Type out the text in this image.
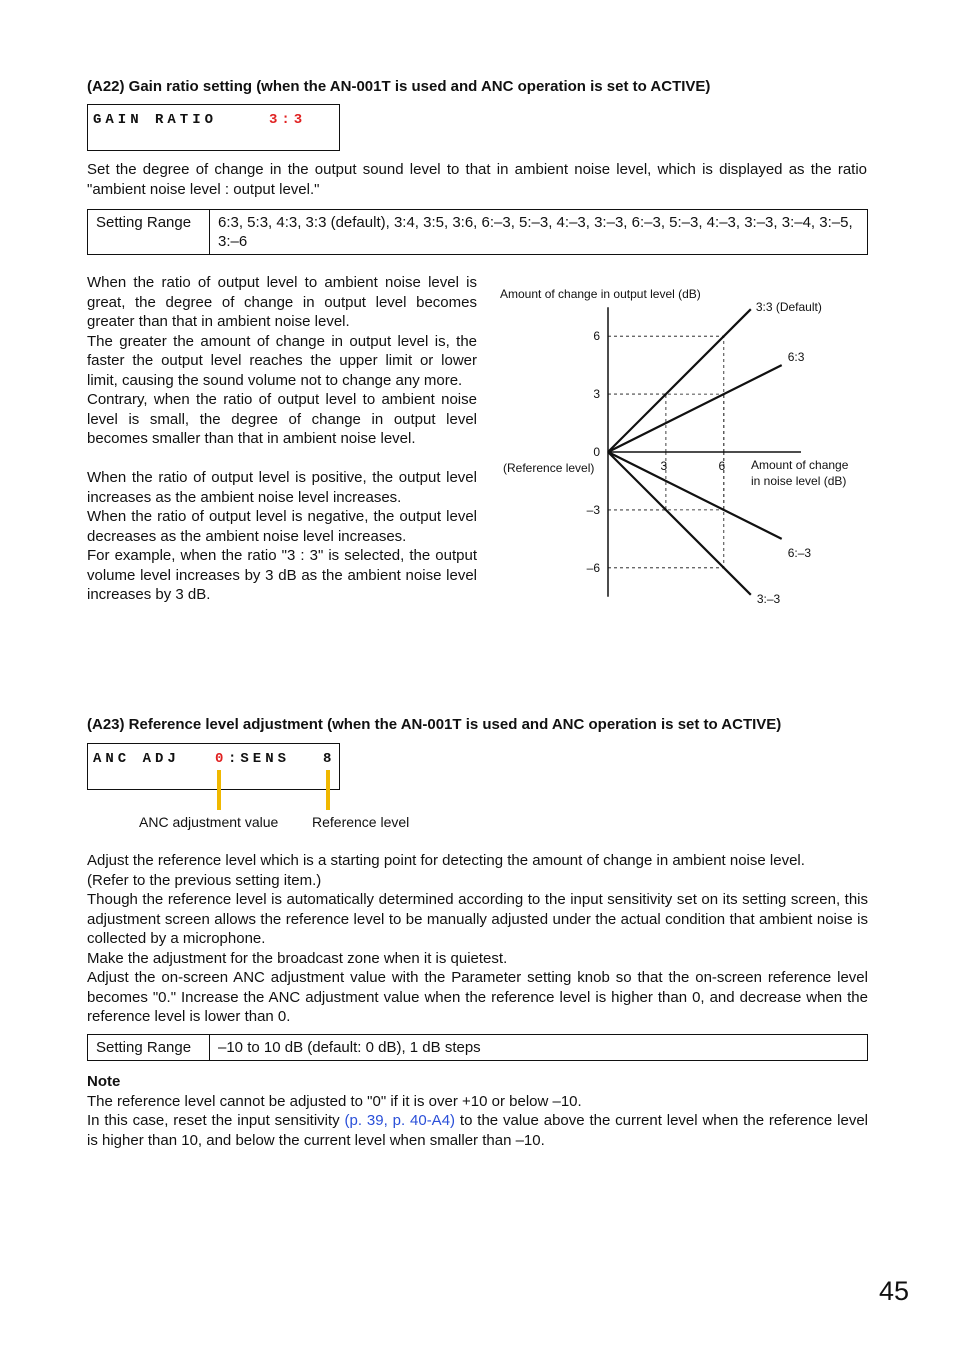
(A22) Gain ratio setting (when the AN-001T is used and ANC operation is set to ACTIVE)
GAIN RATIO	3:3

Set the degree of change in the output sound level to that in ambient noise level, which is displayed as the ratio "ambient noise level : output level."

Setting Range	6:3, 5:3, 4:3, 3:3 (default), 3:4, 3:5, 3:6, 6:–3, 5:–3, 4:–3, 3:–3, 6:–3, 5:–3, 4:–3, 3:–3, 3:–4, 3:–5, 3:–6

When the ratio of output level to ambient noise level is great, the degree of change in output level becomes greater than that in ambient noise level.

The greater the amount of change in output level is, the faster the output level reaches the upper limit or lower limit, causing the sound volume not to change any more.

Contrary, when the ratio of output level to ambient noise level is small, the degree of change in output level becomes smaller than that in ambient noise level.

When the ratio of output level is positive, the output level increases as the ambient noise level increases.

When the ratio of output level is negative, the output level decreases as the ambient noise level increases.

For example, when the ratio "3 : 3" is selected, the output volume level increases by 3 dB as the ambient noise level increases by 3 dB.

3:3 (Default)
6:3
6:–3
3:–3
Amount of change in output level (dB)
Amount of change
in noise level (dB)
(Reference level)
6
3
0
–3
–6
3	6
(A23) Reference level adjustment (when the AN-001T is used and ANC operation is set to ACTIVE)
ANC ADJ	0 :SENS 8
ANC adjustment value Reference level

Adjust the reference level which is a starting point for detecting the amount of change in ambient noise level.

(Refer to the previous setting item.)

Though the reference level is automatically determined according to the input sensitivity set on its setting screen, this adjustment screen allows the reference level to be manually adjusted under the actual condition that ambient noise is collected by a microphone.

Make the adjustment for the broadcast zone when it is quietest.

Adjust the on-screen ANC adjustment value with the Parameter setting knob so that the on-screen reference level becomes "0." Increase the ANC adjustment value when the reference level is higher than 0, and decrease when the reference level is lower than 0.

Setting Range	–10 to 10 dB (default: 0 dB), 1 dB steps

Note

The reference level cannot be adjusted to "0" if it is over +10 or below –10.

In this case, reset the input sensitivity (p. 39, p. 40-A4) to the value above the current level when the reference level is higher than 10, and below the current level when smaller than –10.

45
